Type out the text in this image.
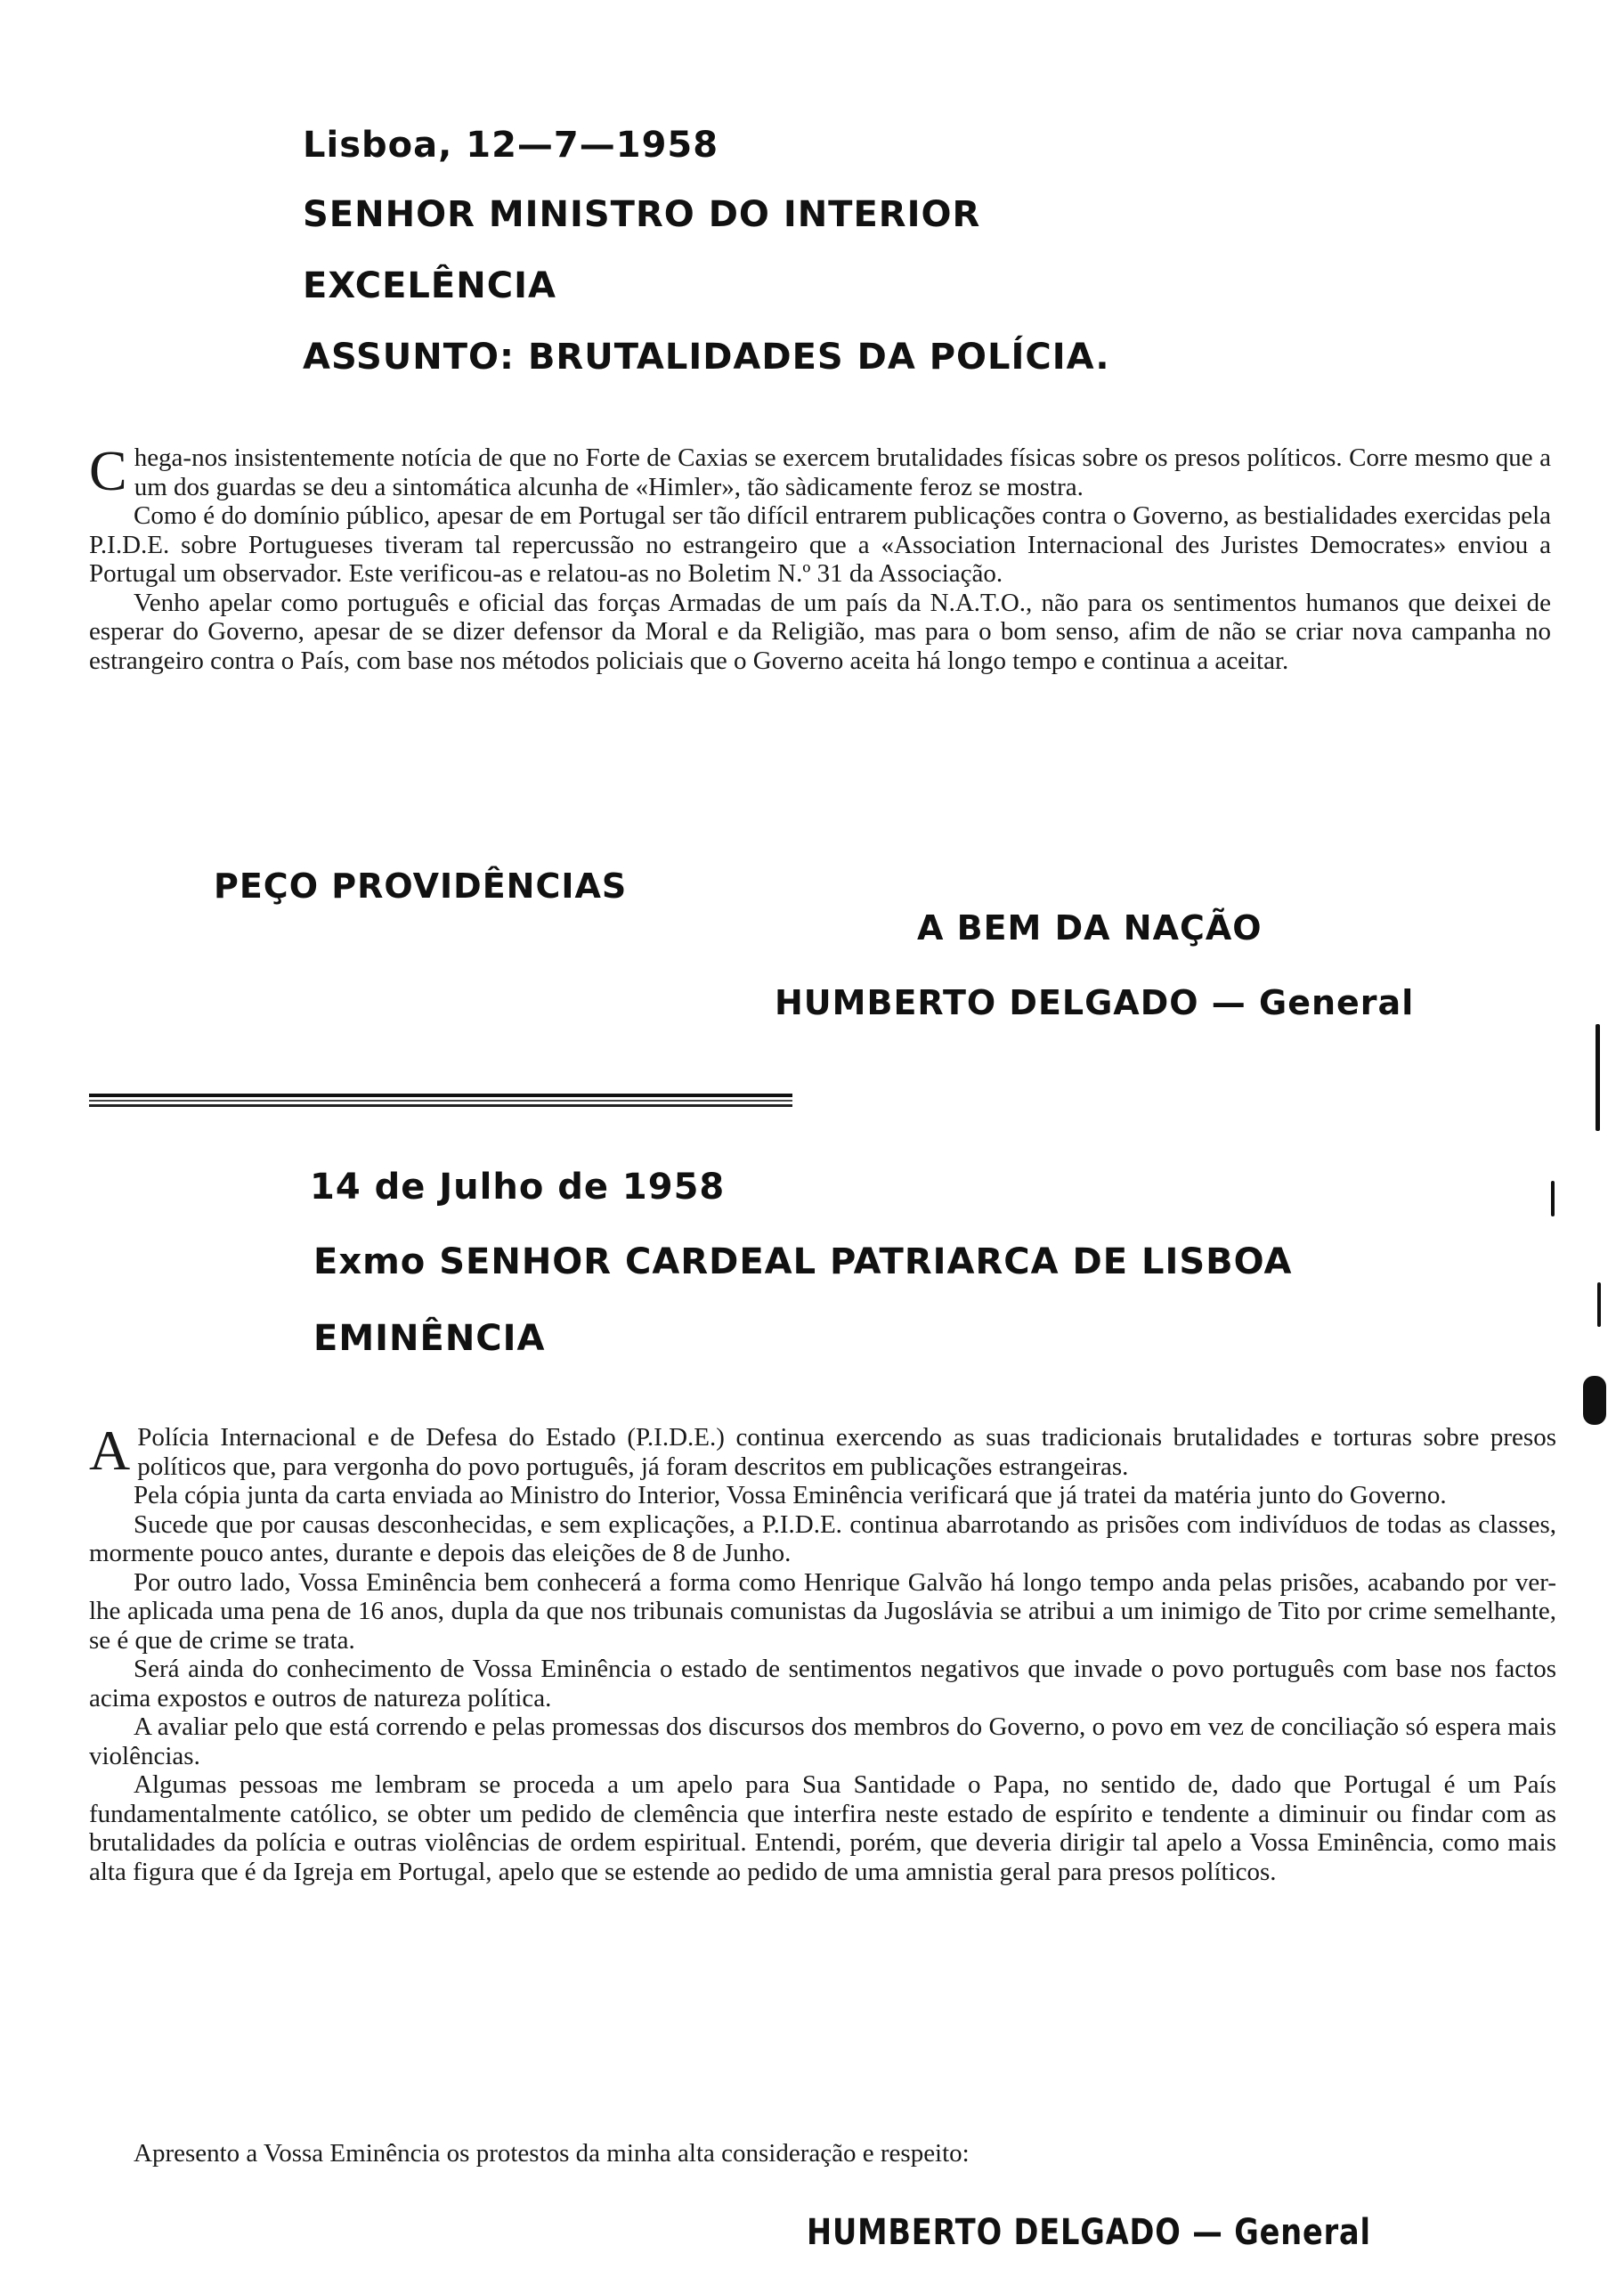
Lisboa, 12—7—1958
SENHOR MINISTRO DO INTERIOR
EXCELÊNCIA
ASSUNTO: BRUTALIDADES DA POLÍCIA.

Chega-nos insistentemente notícia de que no Forte de Caxias se exercem brutalidades físicas sobre os presos políticos. Corre mesmo que a um dos guardas se deu a sintomática alcunha de «Himler», tão sàdicamente feroz se mostra.

Como é do domínio público, apesar de em Portugal ser tão difícil entrarem publicações contra o Governo, as bestialidades exercidas pela P.I.D.E. sobre Portugueses tiveram tal repercussão no estrangeiro que a «Association Internacional des Juristes Democrates» enviou a Portugal um observador. Este verificou-as e relatou-as no Boletim N.º 31 da Associação.

Venho apelar como português e oficial das forças Armadas de um país da N.A.T.O., não para os sentimentos humanos que deixei de esperar do Governo, apesar de se dizer defensor da Moral e da Religião, mas para o bom senso, afim de não se criar nova campanha no estrangeiro contra o País, com base nos métodos policiais que o Governo aceita há longo tempo e continua a aceitar.

PEÇO PROVIDÊNCIAS
A BEM DA NAÇÃO
HUMBERTO DELGADO — General
14 de Julho de 1958
Exmo SENHOR CARDEAL PATRIARCA DE LISBOA
EMINÊNCIA

A Polícia Internacional e de Defesa do Estado (P.I.D.E.) continua exercendo as suas tradicionais brutalidades e torturas sobre presos políticos que, para vergonha do povo português, já foram descritos em publicações estrangeiras.

Pela cópia junta da carta enviada ao Ministro do Interior, Vossa Eminência verificará que já tratei da matéria junto do Governo.

Sucede que por causas desconhecidas, e sem explicações, a P.I.D.E. continua abarrotando as prisões com indivíduos de todas as classes, mormente pouco antes, durante e depois das eleições de 8 de Junho.

Por outro lado, Vossa Eminência bem conhecerá a forma como Henrique Galvão há longo tempo anda pelas prisões, acabando por ver-lhe aplicada uma pena de 16 anos, dupla da que nos tribunais comunistas da Jugoslávia se atribui a um inimigo de Tito por crime semelhante, se é que de crime se trata.

Será ainda do conhecimento de Vossa Eminência o estado de sentimentos negativos que invade o povo português com base nos factos acima expostos e outros de natureza política.

A avaliar pelo que está correndo e pelas promessas dos discursos dos membros do Governo, o povo em vez de conciliação só espera mais violências.

Algumas pessoas me lembram se proceda a um apelo para Sua Santidade o Papa, no sentido de, dado que Portugal é um País fundamentalmente católico, se obter um pedido de clemência que interfira neste estado de espírito e tendente a diminuir ou findar com as brutalidades da polícia e outras violências de ordem espiritual. Entendi, porém, que deveria dirigir tal apelo a Vossa Eminência, como mais alta figura que é da Igreja em Portugal, apelo que se estende ao pedido de uma amnistia geral para presos políticos.

Apresento a Vossa Eminência os protestos da minha alta consideração e respeito:
HUMBERTO DELGADO — General
